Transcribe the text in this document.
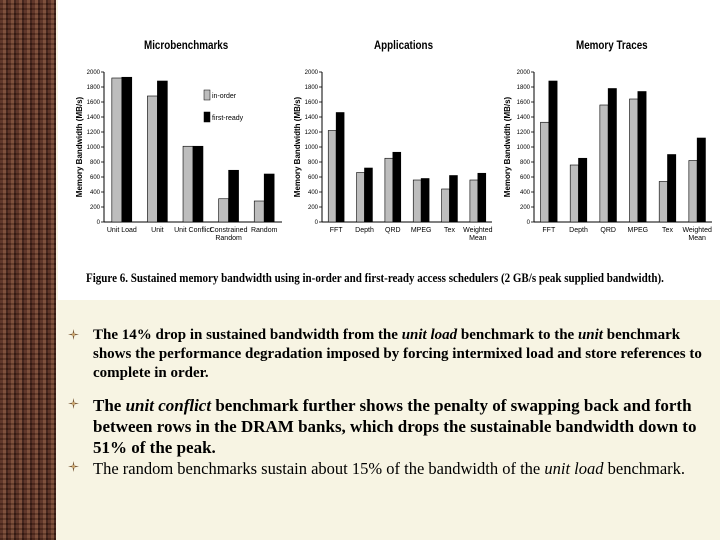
Microbenchmarks	Applications	Memory Traces
Memory Bandwidth (MB/s)
0
200
400
600
800
1000
1200
1400
1600
1800
2000
Unit Load Unit Unit Conflict
Constrained
Random
Random
in-order
first-ready	Memory Bandwidth (MB/s)
0
200
400
600
800
1000
1200
1400
1600
1800
2000
FFT Depth QRD MPEG Tex Weighted
Mean
Memory Bandwidth (MB/s)
0
200
400
600
800
1000
1200
1400
1600
1800
2000
FFT Depth QRD MPEG Tex Weighted
Mean
Figure 6. Sustained memory bandwidth using in-order and first-ready access schedulers (2 GB/s peak supplied bandwidth).
The 14% drop in sustained bandwidth from the unit load benchmark to the unit benchmark shows the performance degradation imposed by forcing intermixed load and store references to complete in order.
The unit conflict benchmark further shows the penalty of swapping back and forth between rows in the DRAM banks, which drops the sustainable bandwidth down to 51% of the peak.
The random benchmarks sustain about 15% of the bandwidth of the unit load benchmark.
